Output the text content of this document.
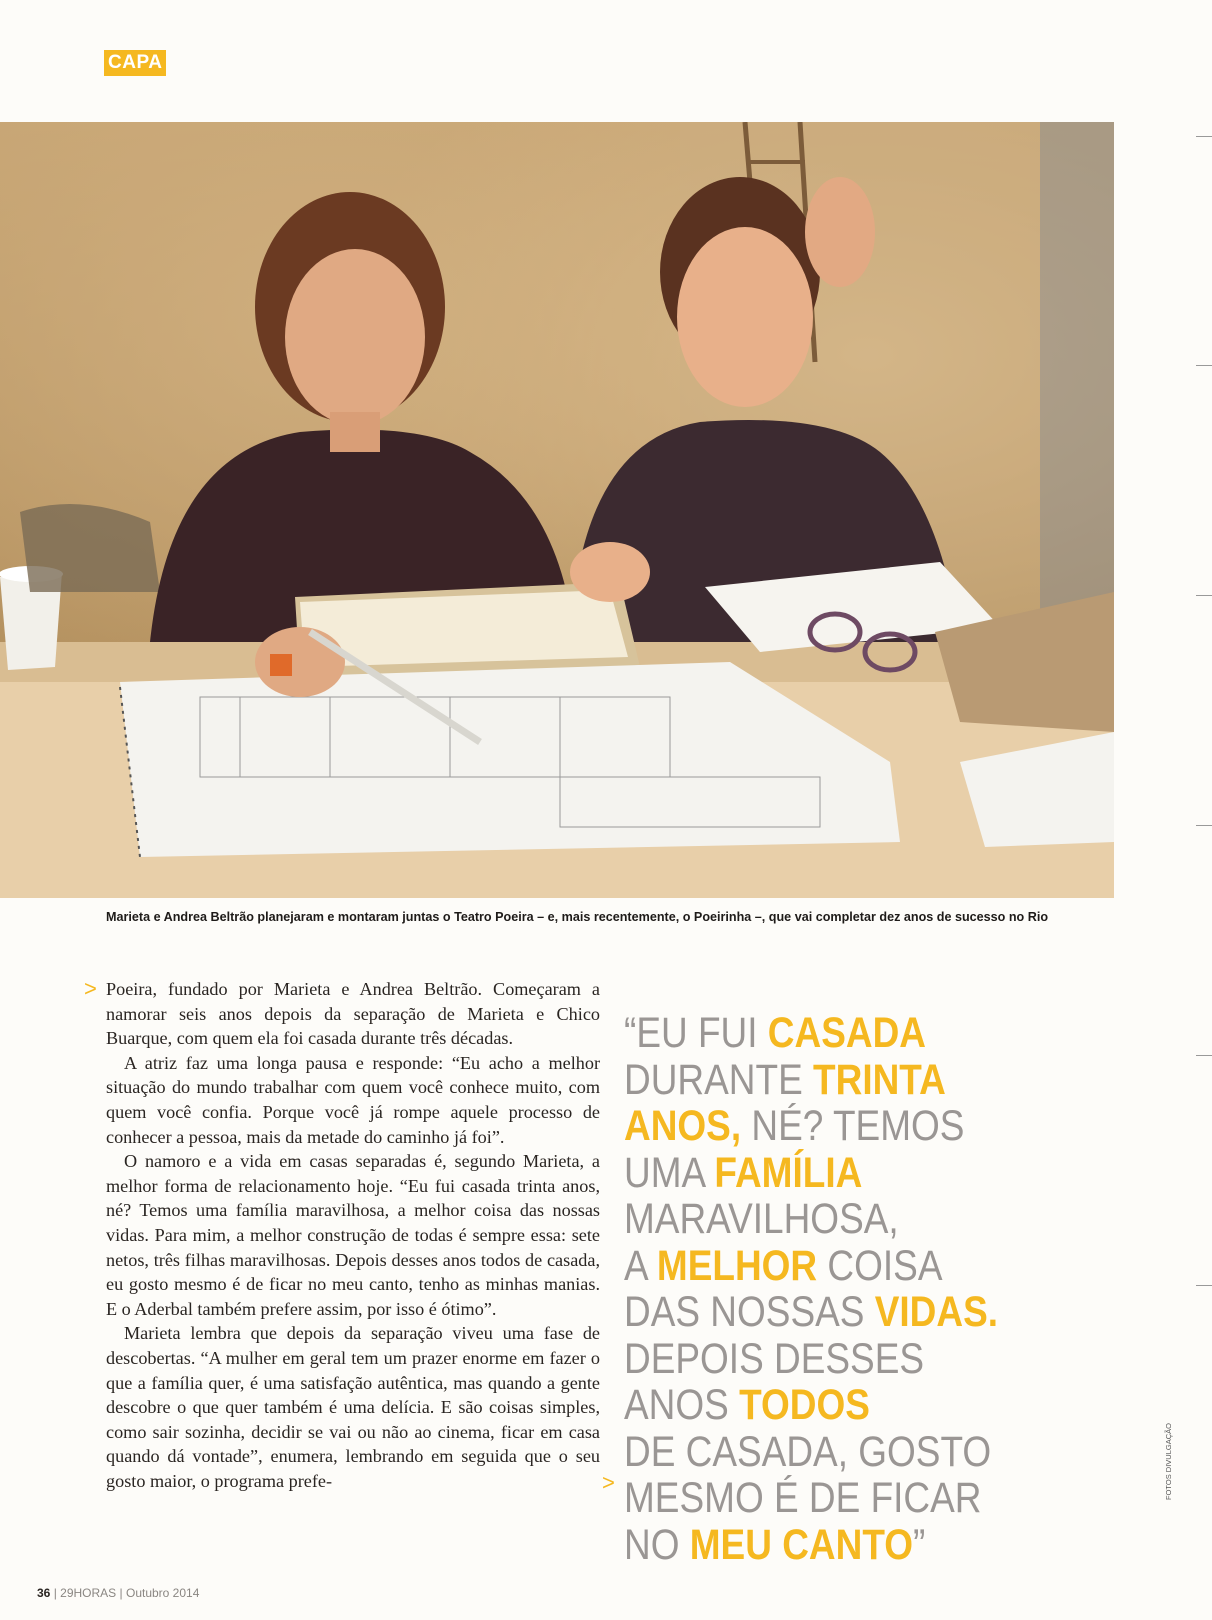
CAPA
Marieta e Andrea Beltrão planejaram e montaram juntas o Teatro Poeira – e, mais recentemente, o Poeirinha –, que vai completar dez anos de sucesso no Rio
> Poeira, fundado por Marieta e Andrea Beltrão. Começaram a namorar seis anos depois da separação de Marieta e Chico Buarque, com quem ela foi casada durante três décadas.

A atriz faz uma longa pausa e responde: “Eu acho a melhor situação do mundo trabalhar com quem você conhece muito, com quem você confia. Porque você já rompe aquele processo de conhecer a pessoa, mais da metade do caminho já foi”.

O namoro e a vida em casas separadas é, segundo Marieta, a melhor forma de relacionamento hoje. “Eu fui casada trinta anos, né? Temos uma família maravilhosa, a melhor coisa das nossas vidas. Para mim, a melhor construção de todas é sempre essa: sete netos, três filhas maravilhosas. Depois desses anos todos de casada, eu gosto mesmo é de ficar no meu canto, tenho as minhas manias. E o Aderbal também prefere assim, por isso é ótimo”.

Marieta lembra que depois da separação viveu uma fase de descobertas. “A mulher em geral tem um prazer enorme em fazer o que a família quer, é uma satisfação autêntica, mas quando a gente descobre o que quer também é uma delícia. E são coisas simples, como sair sozinha, decidir se vai ou não ao cinema, ficar em casa quando dá vontade”, enumera, lembrando em seguida que o seu gosto maior, o programa prefe-	>
“EU FUI CASADA
DURANTE TRINTA
ANOS, NÉ? TEMOS
UMA FAMÍLIA
MARAVILHOSA,
A MELHOR COISA
DAS NOSSAS VIDAS.
DEPOIS DESSES
ANOS TODOS
DE CASADA, GOSTO
MESMO É DE FICAR
NO MEU CANTO”
FOTOS DIVULGAÇÃO
36 | 29HORAS | Outubro 2014
